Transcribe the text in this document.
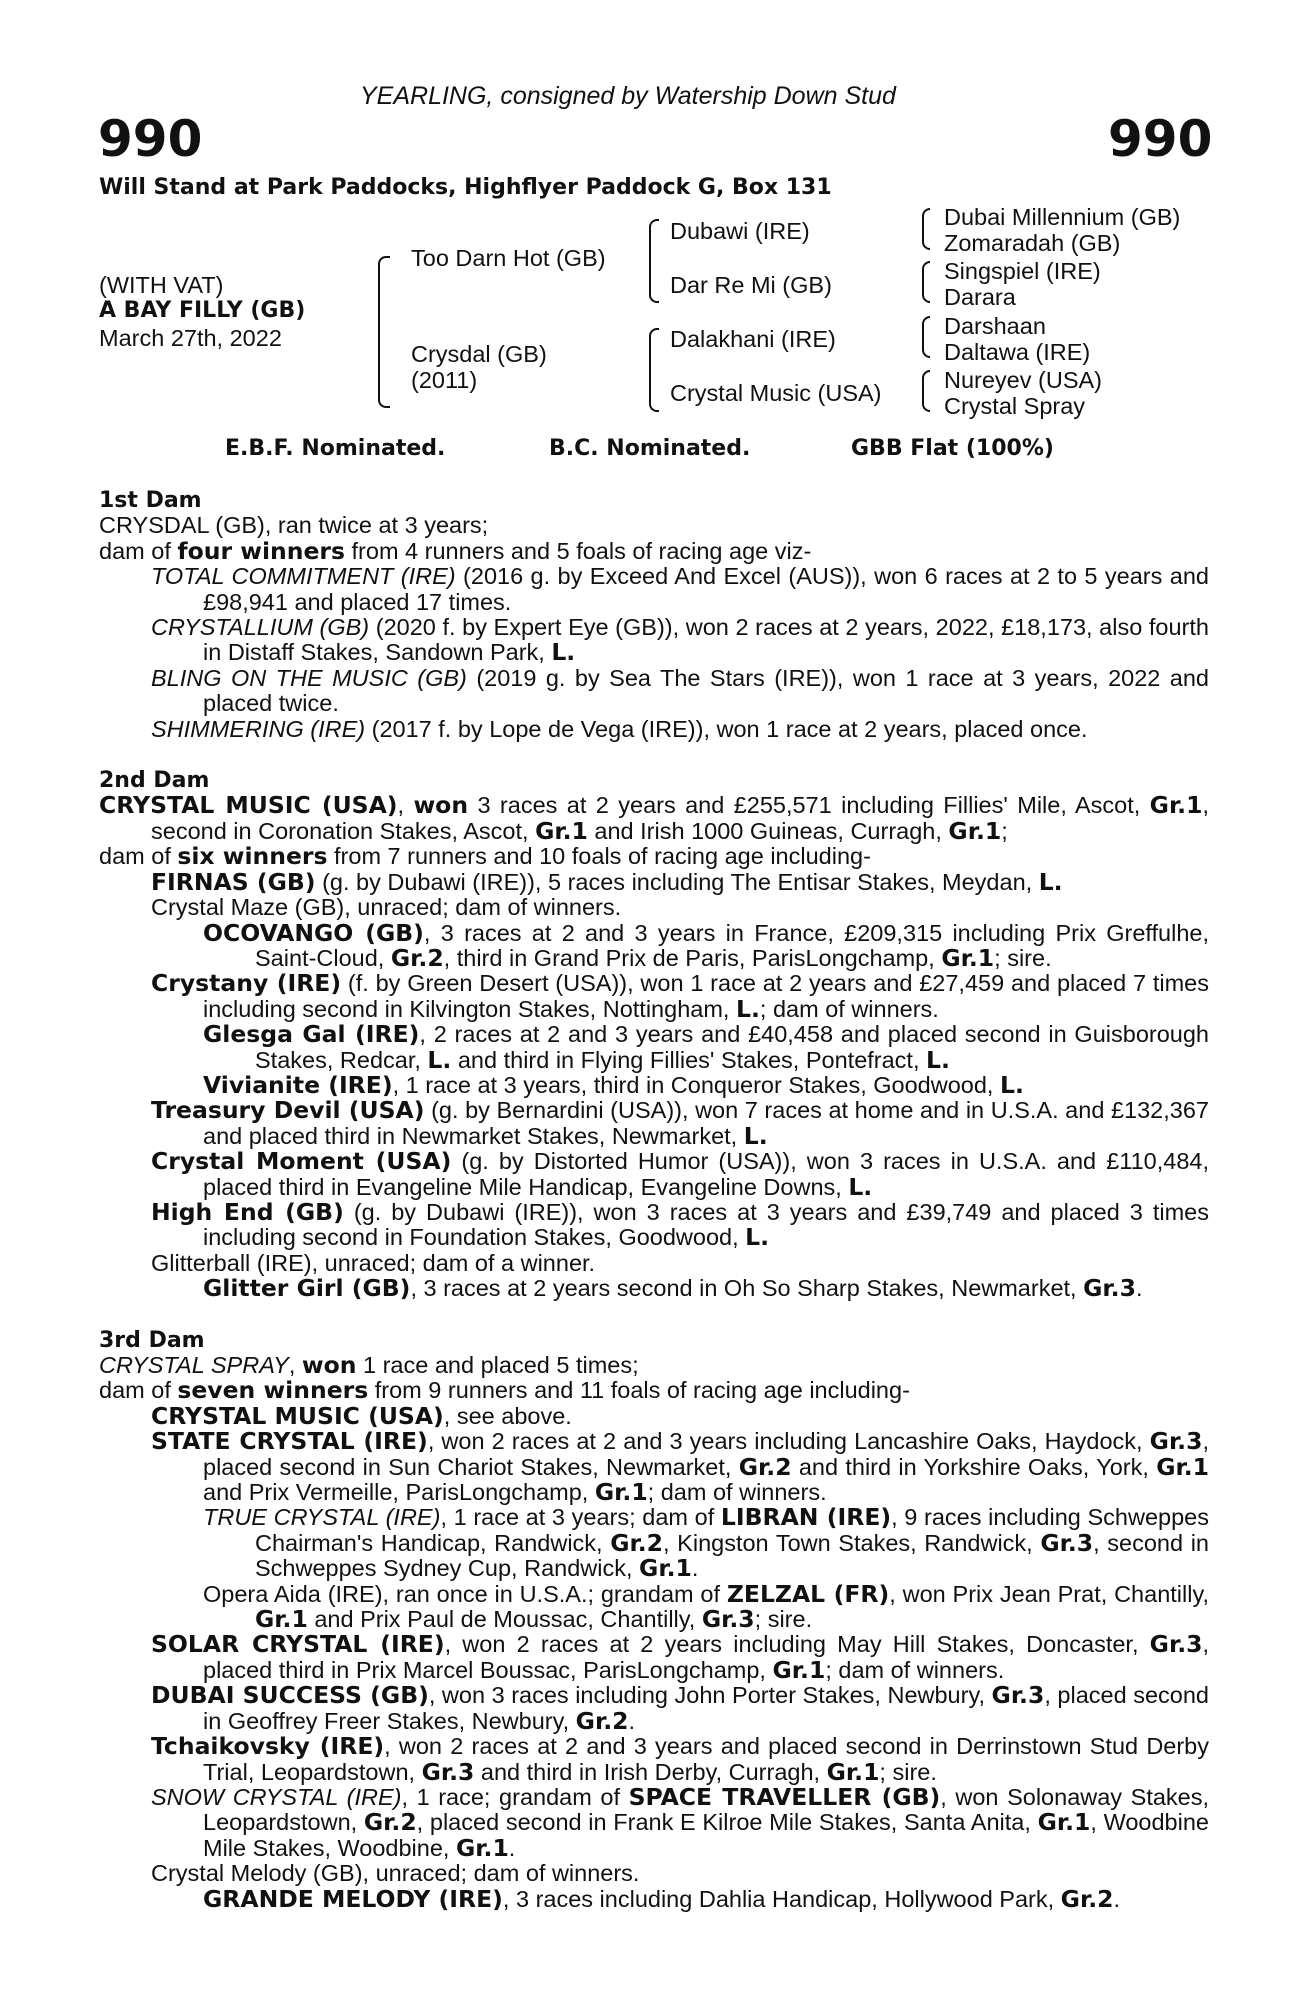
YEARLING, consigned by Watership Down Stud
990	990
Will Stand at Park Paddocks, Highflyer Paddock G, Box 131
(WITH VAT)
A BAY FILLY (GB)
March 27th, 2022
Too Darn Hot (GB)
Crysdal (GB)
(2011)
Dubawi (IRE)
Dar Re Mi (GB)
Dalakhani (IRE)
Crystal Music (USA)
Dubai Millennium (GB)
Zomaradah (GB)
Singspiel (IRE)
Darara
Darshaan
Daltawa (IRE)
Nureyev (USA)
Crystal Spray
E.B.F. Nominated.	B.C. Nominated.	GBB Flat (100%)
1st Dam

CRYSDAL (GB), ran twice at 3 years;

dam of four winners from 4 runners and 5 foals of racing age viz-

TOTAL COMMITMENT (IRE) (2016 g. by Exceed And Excel (AUS)), won 6 races at 2 to 5 years and £98,941 and placed 17 times.

CRYSTALLIUM (GB) (2020 f. by Expert Eye (GB)), won 2 races at 2 years, 2022, £18,173, also fourth in Distaff Stakes, Sandown Park, L.

BLING ON THE MUSIC (GB) (2019 g. by Sea The Stars (IRE)), won 1 race at 3 years, 2022 and placed twice.

SHIMMERING (IRE) (2017 f. by Lope de Vega (IRE)), won 1 race at 2 years, placed once.

2nd Dam

CRYSTAL MUSIC (USA), won 3 races at 2 years and £255,571 including Fillies' Mile, Ascot, Gr.1, second in Coronation Stakes, Ascot, Gr.1 and Irish 1000 Guineas, Curragh, Gr.1;

dam of six winners from 7 runners and 10 foals of racing age including-

FIRNAS (GB) (g. by Dubawi (IRE)), 5 races including The Entisar Stakes, Meydan, L.

Crystal Maze (GB), unraced; dam of winners.

OCOVANGO (GB), 3 races at 2 and 3 years in France, £209,315 including Prix Greffulhe, Saint-Cloud, Gr.2, third in Grand Prix de Paris, ParisLongchamp, Gr.1; sire.

Crystany (IRE) (f. by Green Desert (USA)), won 1 race at 2 years and £27,459 and placed 7 times including second in Kilvington Stakes, Nottingham, L.; dam of winners.

Glesga Gal (IRE), 2 races at 2 and 3 years and £40,458 and placed second in Guisborough Stakes, Redcar, L. and third in Flying Fillies' Stakes, Pontefract, L.

Vivianite (IRE), 1 race at 3 years, third in Conqueror Stakes, Goodwood, L.

Treasury Devil (USA) (g. by Bernardini (USA)), won 7 races at home and in U.S.A. and £132,367 and placed third in Newmarket Stakes, Newmarket, L.

Crystal Moment (USA) (g. by Distorted Humor (USA)), won 3 races in U.S.A. and £110,484, placed third in Evangeline Mile Handicap, Evangeline Downs, L.

High End (GB) (g. by Dubawi (IRE)), won 3 races at 3 years and £39,749 and placed 3 times including second in Foundation Stakes, Goodwood, L.

Glitterball (IRE), unraced; dam of a winner.

Glitter Girl (GB), 3 races at 2 years second in Oh So Sharp Stakes, Newmarket, Gr.3.

3rd Dam

CRYSTAL SPRAY, won 1 race and placed 5 times;

dam of seven winners from 9 runners and 11 foals of racing age including-

CRYSTAL MUSIC (USA), see above.

STATE CRYSTAL (IRE), won 2 races at 2 and 3 years including Lancashire Oaks, Haydock, Gr.3, placed second in Sun Chariot Stakes, Newmarket, Gr.2 and third in Yorkshire Oaks, York, Gr.1 and Prix Vermeille, ParisLongchamp, Gr.1; dam of winners.

TRUE CRYSTAL (IRE), 1 race at 3 years; dam of LIBRAN (IRE), 9 races including Schweppes Chairman's Handicap, Randwick, Gr.2, Kingston Town Stakes, Randwick, Gr.3, second in Schweppes Sydney Cup, Randwick, Gr.1.

Opera Aida (IRE), ran once in U.S.A.; grandam of ZELZAL (FR), won Prix Jean Prat, Chantilly, Gr.1 and Prix Paul de Moussac, Chantilly, Gr.3; sire.

SOLAR CRYSTAL (IRE), won 2 races at 2 years including May Hill Stakes, Doncaster, Gr.3, placed third in Prix Marcel Boussac, ParisLongchamp, Gr.1; dam of winners.

DUBAI SUCCESS (GB), won 3 races including John Porter Stakes, Newbury, Gr.3, placed second in Geoffrey Freer Stakes, Newbury, Gr.2.

Tchaikovsky (IRE), won 2 races at 2 and 3 years and placed second in Derrinstown Stud Derby Trial, Leopardstown, Gr.3 and third in Irish Derby, Curragh, Gr.1; sire.

SNOW CRYSTAL (IRE), 1 race; grandam of SPACE TRAVELLER (GB), won Solonaway Stakes, Leopardstown, Gr.2, placed second in Frank E Kilroe Mile Stakes, Santa Anita, Gr.1, Woodbine Mile Stakes, Woodbine, Gr.1.

Crystal Melody (GB), unraced; dam of winners.

GRANDE MELODY (IRE), 3 races including Dahlia Handicap, Hollywood Park, Gr.2.
